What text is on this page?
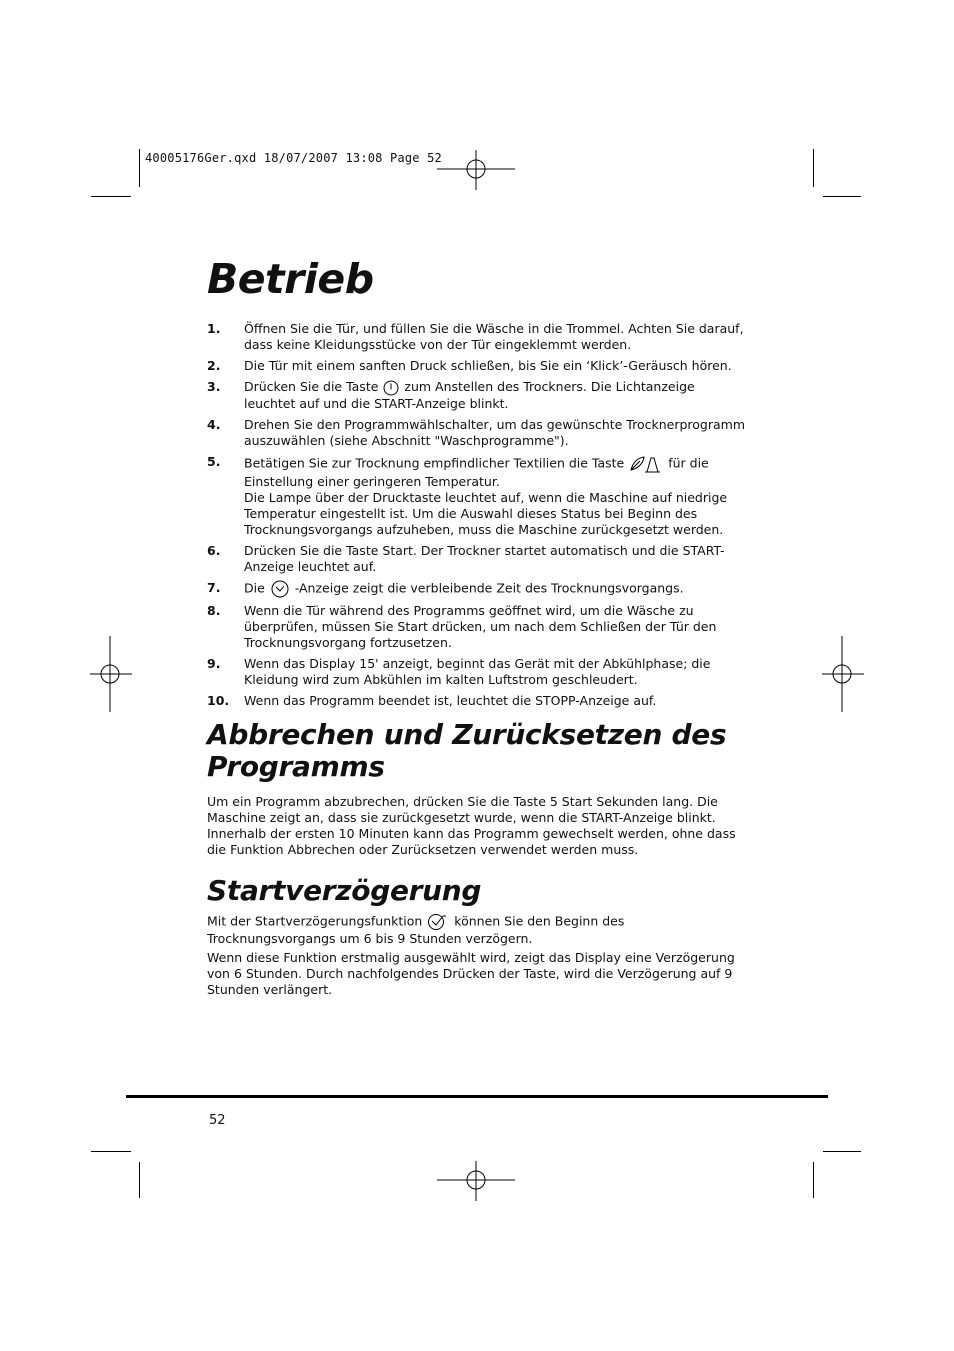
40005176Ger.qxd 18/07/2007 13:08 Page 52
Betrieb
1. Öffnen Sie die Tür, und füllen Sie die Wäsche in die Trommel. Achten Sie darauf, dass keine Kleidungsstücke von der Tür eingeklemmt werden.
2. Die Tür mit einem sanften Druck schließen, bis Sie ein ‘Klick’-Geräusch hören.
3. Drücken Sie die Taste zum Anstellen des Trockners. Die Lichtanzeige leuchtet auf und die START-Anzeige blinkt.
4. Drehen Sie den Programmwählschalter, um das gewünschte Trocknerprogramm auszuwählen (siehe Abschnitt "Waschprogramme").
5. Betätigen Sie zur Trocknung empfindlicher Textilien die Taste	für die Einstellung einer geringeren Temperatur.
Die Lampe über der Drucktaste leuchtet auf, wenn die Maschine auf niedrige Temperatur eingestellt ist. Um die Auswahl dieses Status bei Beginn des Trocknungsvorgangs aufzuheben, muss die Maschine zurückgesetzt werden.
6. Drücken Sie die Taste Start. Der Trockner startet automatisch und die START-Anzeige leuchtet auf.
7. Die -Anzeige zeigt die verbleibende Zeit des Trocknungsvorgangs.
8. Wenn die Tür während des Programms geöffnet wird, um die Wäsche zu überprüfen, müssen Sie Start drücken, um nach dem Schließen der Tür den Trocknungsvorgang fortzusetzen.
9. Wenn das Display 15' anzeigt, beginnt das Gerät mit der Abkühlphase; die Kleidung wird zum Abkühlen im kalten Luftstrom geschleudert.
10. Wenn das Programm beendet ist, leuchtet die STOPP-Anzeige auf.
Abbrechen und Zurücksetzen des
Programms

Um ein Programm abzubrechen, drücken Sie die Taste 5 Start Sekunden lang. Die Maschine zeigt an, dass sie zurückgesetzt wurde, wenn die START-Anzeige blinkt. Innerhalb der ersten 10 Minuten kann das Programm gewechselt werden, ohne dass die Funktion Abbrechen oder Zurücksetzen verwendet werden muss.

Startverzögerung

Mit der Startverzögerungsfunktion	können Sie den Beginn des Trocknungsvorgangs um 6 bis 9 Stunden verzögern.

Wenn diese Funktion erstmalig ausgewählt wird, zeigt das Display eine Verzögerung von 6 Stunden. Durch nachfolgendes Drücken der Taste, wird die Verzögerung auf 9 Stunden verlängert.

52
